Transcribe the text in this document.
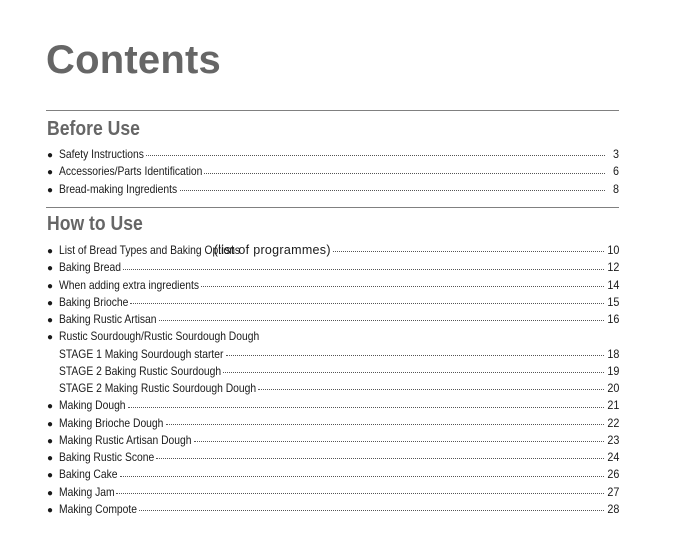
Contents
Before Use
● Safety Instructions	3
● Accessories/Parts Identification	6
● Bread-making Ingredients	8
How to Use
● List of Bread Types and Baking Options
(list of programmes)	10
● Baking Bread	12
● When adding extra ingredients	14
● Baking Brioche	15
● Baking Rustic Artisan	16
● Rustic Sourdough/Rustic Sourdough Dough
STAGE 1 Making Sourdough starter	18
STAGE 2 Baking Rustic Sourdough	19
STAGE 2 Making Rustic Sourdough Dough	20
● Making Dough	21
● Making Brioche Dough	22
● Making Rustic Artisan Dough	23
● Baking Rustic Scone	24
● Baking Cake	26
● Making Jam	27
● Making Compote	28
